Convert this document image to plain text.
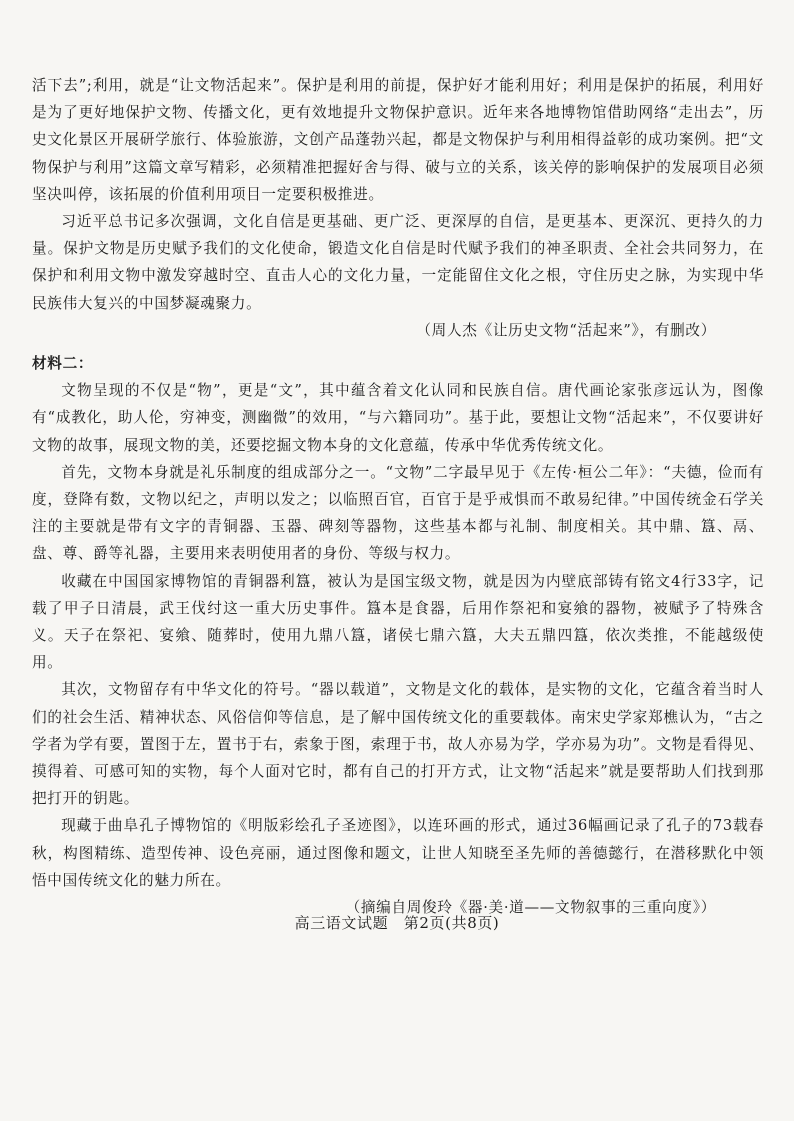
活下去”;利用，就是“让文物活起来”。保护是利用的前提，保护好才能利用好；利用是保护的拓展，利用好是为了更好地保护文物、传播文化，更有效地提升文物保护意识。近年来各地博物馆借助网络“走出去”，历史文化景区开展研学旅行、体验旅游，文创产品蓬勃兴起，都是文物保护与利用相得益彰的成功案例。把“文物保护与利用”这篇文章写精彩，必须精准把握好舍与得、破与立的关系，该关停的影响保护的发展项目必须坚决叫停，该拓展的价值利用项目一定要积极推进。

习近平总书记多次强调，文化自信是更基础、更广泛、更深厚的自信，是更基本、更深沉、更持久的力量。保护文物是历史赋予我们的文化使命，锻造文化自信是时代赋予我们的神圣职责、全社会共同努力，在保护和利用文物中激发穿越时空、直击人心的文化力量，一定能留住文化之根，守住历史之脉，为实现中华民族伟大复兴的中国梦凝魂聚力。

（周人杰《让历史文物“活起来”》，有删改）

材料二：

文物呈现的不仅是“物”，更是“文”，其中蕴含着文化认同和民族自信。唐代画论家张彦远认为，图像有“成教化，助人伦，穷神变，测幽微”的效用，“与六籍同功”。基于此，要想让文物“活起来”，不仅要讲好文物的故事，展现文物的美，还要挖掘文物本身的文化意蕴，传承中华优秀传统文化。

首先，文物本身就是礼乐制度的组成部分之一。“文物”二字最早见于《左传·桓公二年》：“夫德，俭而有度，登降有数，文物以纪之，声明以发之；以临照百官，百官于是乎戒惧而不敢易纪律。”中国传统金石学关注的主要就是带有文字的青铜器、玉器、碑刻等器物，这些基本都与礼制、制度相关。其中鼎、簋、鬲、盘、尊、爵等礼器，主要用来表明使用者的身份、等级与权力。

收藏在中国国家博物馆的青铜器利簋，被认为是国宝级文物，就是因为内壁底部铸有铭文4行33字，记载了甲子日清晨，武王伐纣这一重大历史事件。簋本是食器，后用作祭祀和宴飨的器物，被赋予了特殊含义。天子在祭祀、宴飨、随葬时，使用九鼎八簋，诸侯七鼎六簋，大夫五鼎四簋，依次类推，不能越级使用。

其次，文物留存有中华文化的符号。“器以载道”，文物是文化的载体，是实物的文化，它蕴含着当时人们的社会生活、精神状态、风俗信仰等信息，是了解中国传统文化的重要载体。南宋史学家郑樵认为，“古之学者为学有要，置图于左，置书于右，索象于图，索理于书，故人亦易为学，学亦易为功”。文物是看得见、摸得着、可感可知的实物，每个人面对它时，都有自己的打开方式，让文物“活起来”就是要帮助人们找到那把打开的钥匙。

现藏于曲阜孔子博物馆的《明版彩绘孔子圣迹图》，以连环画的形式，通过36幅画记录了孔子的73载春秋，构图精练、造型传神、设色亮丽，通过图像和题文，让世人知晓至圣先师的善德懿行，在潜移默化中领悟中国传统文化的魅力所在。

（摘编自周俊玲《器·美·道——文物叙事的三重向度》）

高三语文试题　第2页(共8页)
